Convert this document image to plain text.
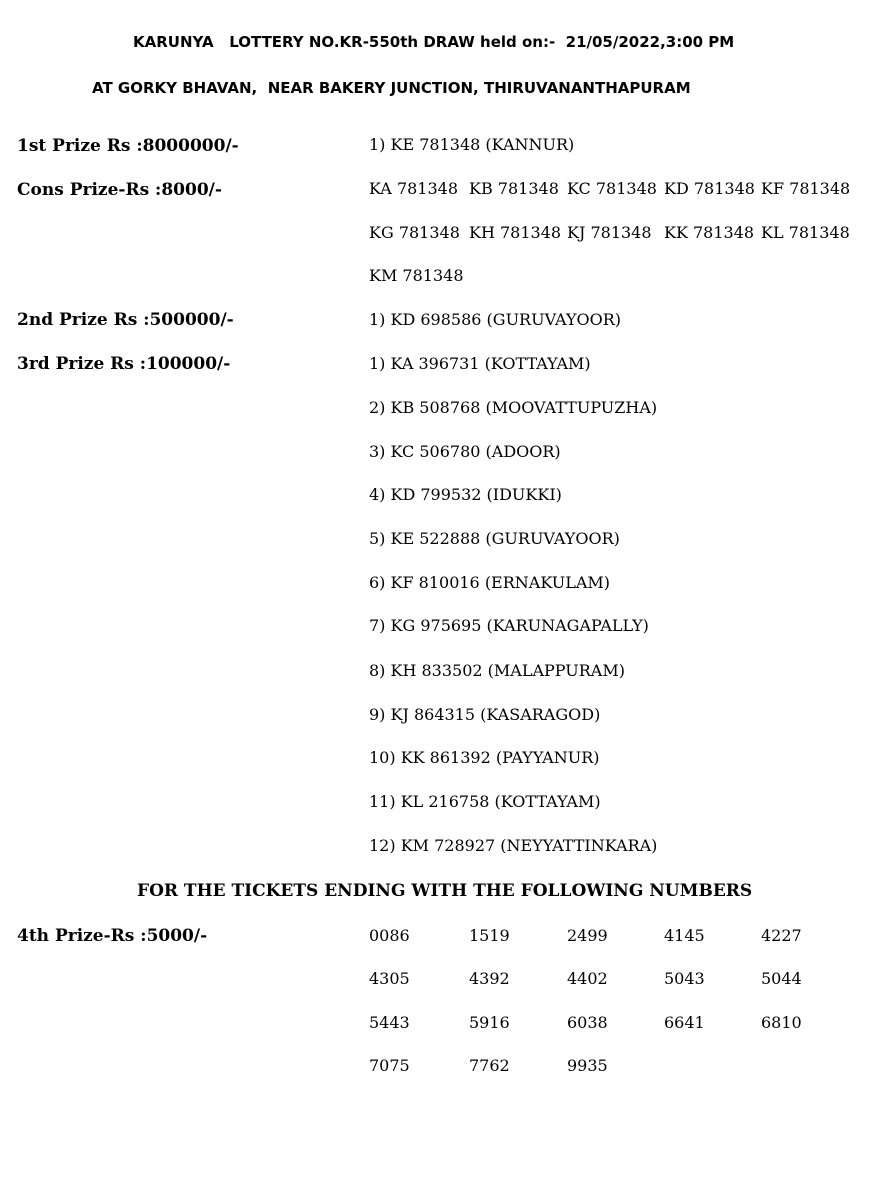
KARUNYA   LOTTERY NO.KR-550th DRAW held on:-  21/05/2022,3:00 PM
AT GORKY BHAVAN,  NEAR BAKERY JUNCTION, THIRUVANANTHAPURAM
1st Prize Rs :8000000/-	1) KE 781348 (KANNUR)
Cons Prize-Rs :8000/-	KA 781348 KB 781348 KC 781348 KD 781348 KF 781348
KG 781348 KH 781348 KJ 781348 KK 781348 KL 781348
KM 781348
2nd Prize Rs :500000/-	1) KD 698586 (GURUVAYOOR)
3rd Prize Rs :100000/-	1) KA 396731 (KOTTAYAM)
2) KB 508768 (MOOVATTUPUZHA)
3) KC 506780 (ADOOR)
4) KD 799532 (IDUKKI)
5) KE 522888 (GURUVAYOOR)
6) KF 810016 (ERNAKULAM)
7) KG 975695 (KARUNAGAPALLY)
8) KH 833502 (MALAPPURAM)
9) KJ 864315 (KASARAGOD)
10) KK 861392 (PAYYANUR)
11) KL 216758 (KOTTAYAM)
12) KM 728927 (NEYYATTINKARA)
FOR THE TICKETS ENDING WITH THE FOLLOWING NUMBERS
4th Prize-Rs :5000/-	0086	1519	2499	4145	4227
4305	4392	4402	5043	5044
5443	5916	6038	6641	6810
7075	7762	9935
